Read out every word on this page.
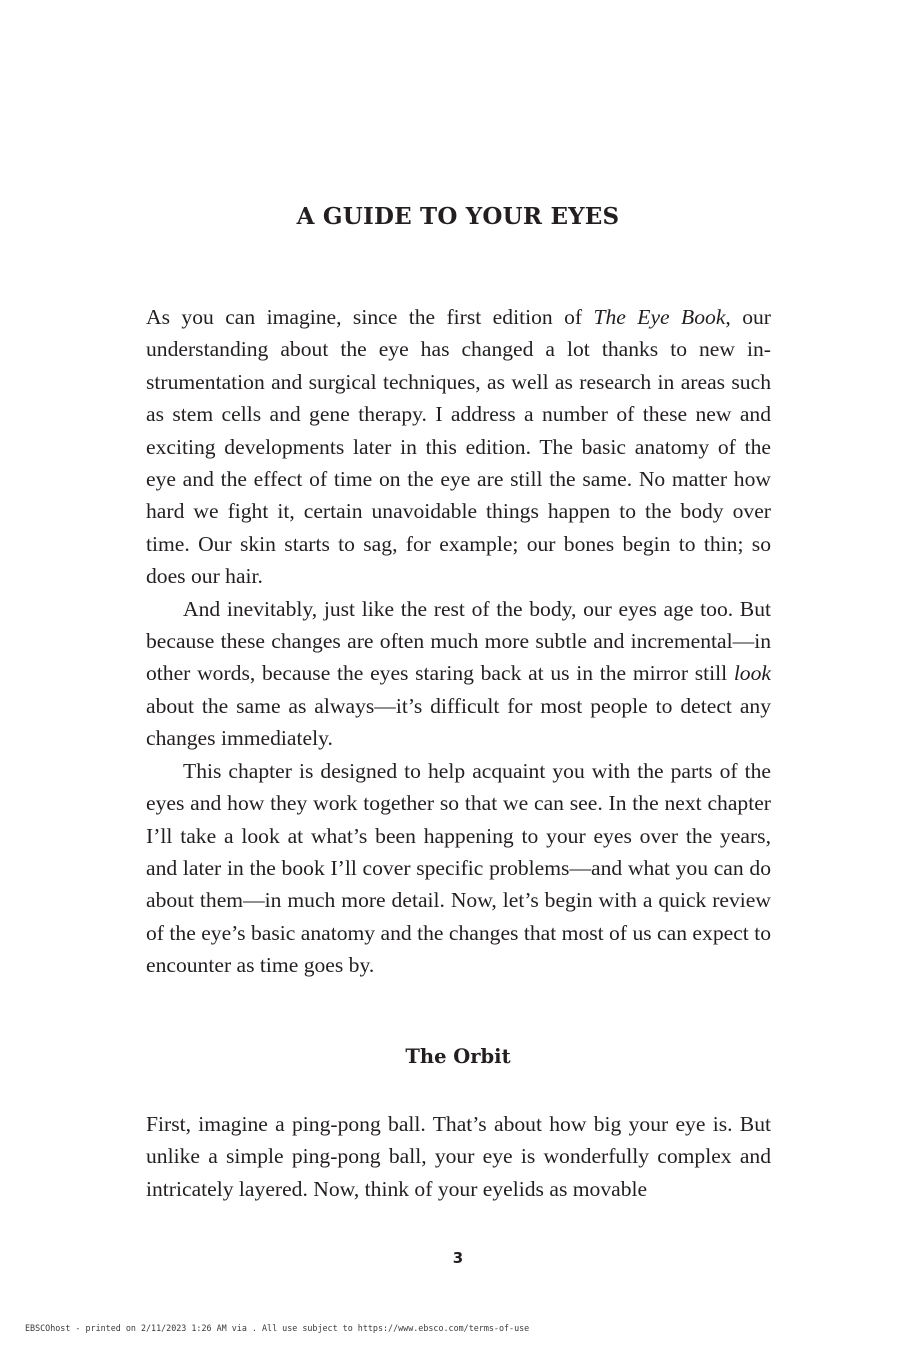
A GUIDE TO YOUR EYES

As you can imagine, since the first edition of The Eye Book, our understanding about the eye has changed a lot thanks to new instrumentation and surgical techniques, as well as research in areas such as stem cells and gene therapy. I address a number of these new and exciting developments later in this edition. The basic anatomy of the eye and the effect of time on the eye are still the same. No matter how hard we fight it, certain unavoidable things happen to the body over time. Our skin starts to sag, for example; our bones begin to thin; so does our hair.

And inevitably, just like the rest of the body, our eyes age too. But because these changes are often much more subtle and incremental—in other words, because the eyes staring back at us in the mirror still look about the same as always—it’s difficult for most people to detect any changes immediately.

This chapter is designed to help acquaint you with the parts of the eyes and how they work together so that we can see. In the next chapter I’ll take a look at what’s been happening to your eyes over the years, and later in the book I’ll cover specific problems—and what you can do about them—in much more detail. Now, let’s begin with a quick review of the eye’s basic anatomy and the changes that most of us can expect to encounter as time goes by.

The Orbit

First, imagine a ping-pong ball. That’s about how big your eye is. But unlike a simple ping-pong ball, your eye is wonderfully complex and intricately layered. Now, think of your eyelids as movable

3
EBSCOhost - printed on 2/11/2023 1:26 AM via . All use subject to https://www.ebsco.com/terms-of-use
